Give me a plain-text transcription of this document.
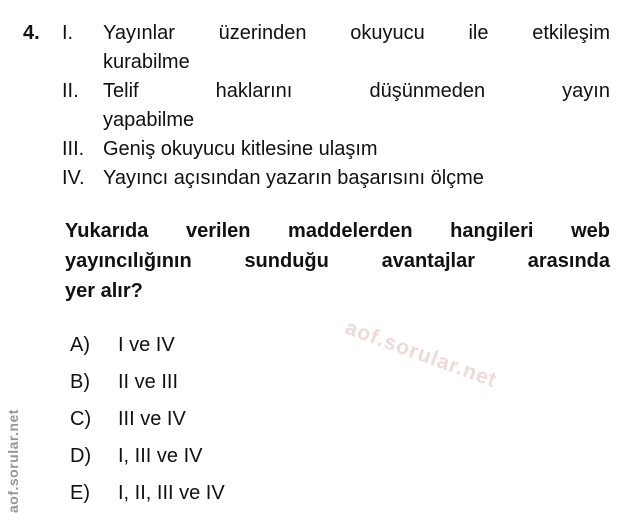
4. I.	Yayınlar üzerinden okuyucu ile etkileşim
kurabilme
II.	Telif haklarını düşünmeden yayın
yapabilme
III. Geniş okuyucu kitlesine ulaşım
IV. Yayıncı açısından yazarın başarısını ölçme
Yukarıda verilen maddelerden hangileri web
yayıncılığının sunduğu avantajlar arasında
yer alır?
A)	I ve IV
B)	II ve III
C)	III ve IV
D)	I, III ve IV
E)	I, II, III ve IV
aof.sorular.net
aof.sorular.net
